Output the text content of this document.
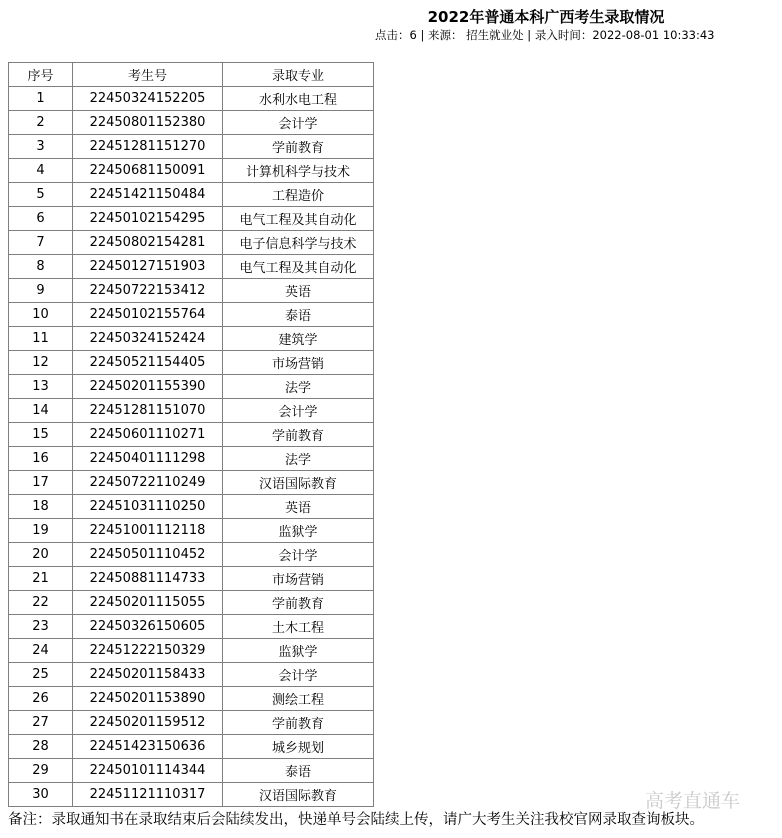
2022年普通本科广西考生录取情况
点击：6 | 来源： 招生就业处 | 录入时间：2022-08-01 10:33:43
序号	考生号	录取专业
1	22450324152205	水利水电工程
2	22450801152380	会计学
3	22451281151270	学前教育
4	22450681150091	计算机科学与技术
5	22451421150484	工程造价
6	22450102154295	电气工程及其自动化
7	22450802154281	电子信息科学与技术
8	22450127151903	电气工程及其自动化
9	22450722153412	英语
10	22450102155764	泰语
11	22450324152424	建筑学
12	22450521154405	市场营销
13	22450201155390	法学
14	22451281151070	会计学
15	22450601110271	学前教育
16	22450401111298	法学
17	22450722110249	汉语国际教育
18	22451031110250	英语
19	22451001112118	监狱学
20	22450501110452	会计学
21	22450881114733	市场营销
22	22450201115055	学前教育
23	22450326150605	土木工程
24	22451222150329	监狱学
25	22450201158433	会计学
26	22450201153890	测绘工程
27	22450201159512	学前教育
28	22451423150636	城乡规划
29	22450101114344	泰语
30	22451121110317	汉语国际教育
备注：录取通知书在录取结束后会陆续发出，快递单号会陆续上传，请广大考生关注我校官网录取查询板块。
高考直通车
